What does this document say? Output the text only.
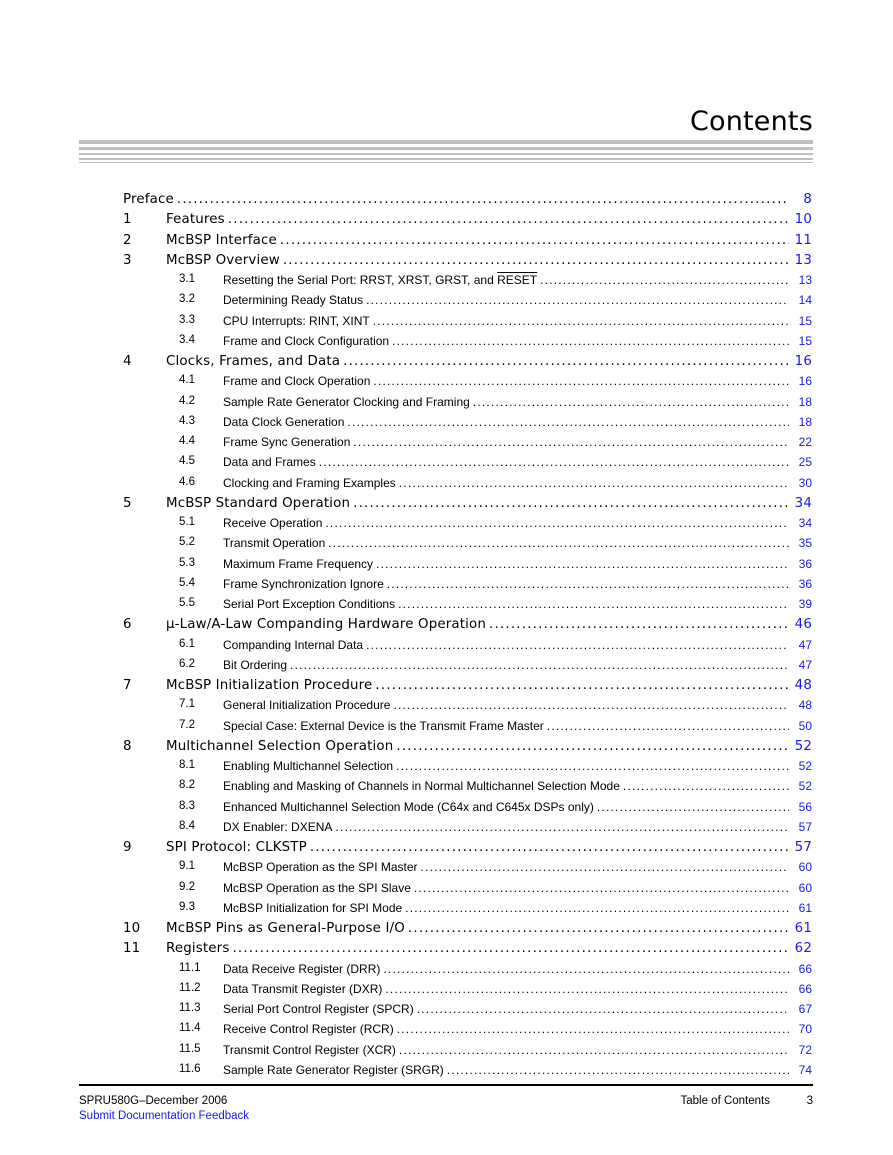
Contents
Preface .....	8
1	Features .....	10
2	McBSP Interface .....	11
3	McBSP Overview .....	13
3.1 Resetting the Serial Port: RRST, XRST, GRST, and RESET .....	13
3.2 Determining Ready Status .....	14
3.3 CPU Interrupts: RINT, XINT .....	15
3.4 Frame and Clock Configuration .....	15
4	Clocks, Frames, and Data .....	16
4.1 Frame and Clock Operation .....	16
4.2 Sample Rate Generator Clocking and Framing .....	18
4.3 Data Clock Generation .....	18
4.4 Frame Sync Generation .....	22
4.5 Data and Frames .....	25
4.6 Clocking and Framing Examples .....	30
5	McBSP Standard Operation .....	34
5.1 Receive Operation .....	34
5.2 Transmit Operation .....	35
5.3 Maximum Frame Frequency .....	36
5.4 Frame Synchronization Ignore .....	36
5.5 Serial Port Exception Conditions .....	39
6	μ-Law/A-Law Companding Hardware Operation .....	46
6.1 Companding Internal Data .....	47
6.2 Bit Ordering .....	47
7	McBSP Initialization Procedure .....	48
7.1 General Initialization Procedure .....	48
7.2 Special Case: External Device is the Transmit Frame Master .....	50
8	Multichannel Selection Operation .....	52
8.1 Enabling Multichannel Selection .....	52
8.2 Enabling and Masking of Channels in Normal Multichannel Selection Mode .....	52
8.3 Enhanced Multichannel Selection Mode (C64x and C645x DSPs only) .....	56
8.4 DX Enabler: DXENA .....	57
9	SPI Protocol: CLKSTP .....	57
9.1 McBSP Operation as the SPI Master .....	60
9.2 McBSP Operation as the SPI Slave .....	60
9.3 McBSP Initialization for SPI Mode .....	61
10 McBSP Pins as General-Purpose I/O .....	61
11 Registers .....	62
11.1 Data Receive Register (DRR) .....	66
11.2 Data Transmit Register (DXR) .....	66
11.3 Serial Port Control Register (SPCR) .....	67
11.4 Receive Control Register (RCR) .....	70
11.5 Transmit Control Register (XCR) .....	72
11.6 Sample Rate Generator Register (SRGR) .....	74
SPRU580G–December 2006
Submit Documentation Feedback
Table of Contents	3
